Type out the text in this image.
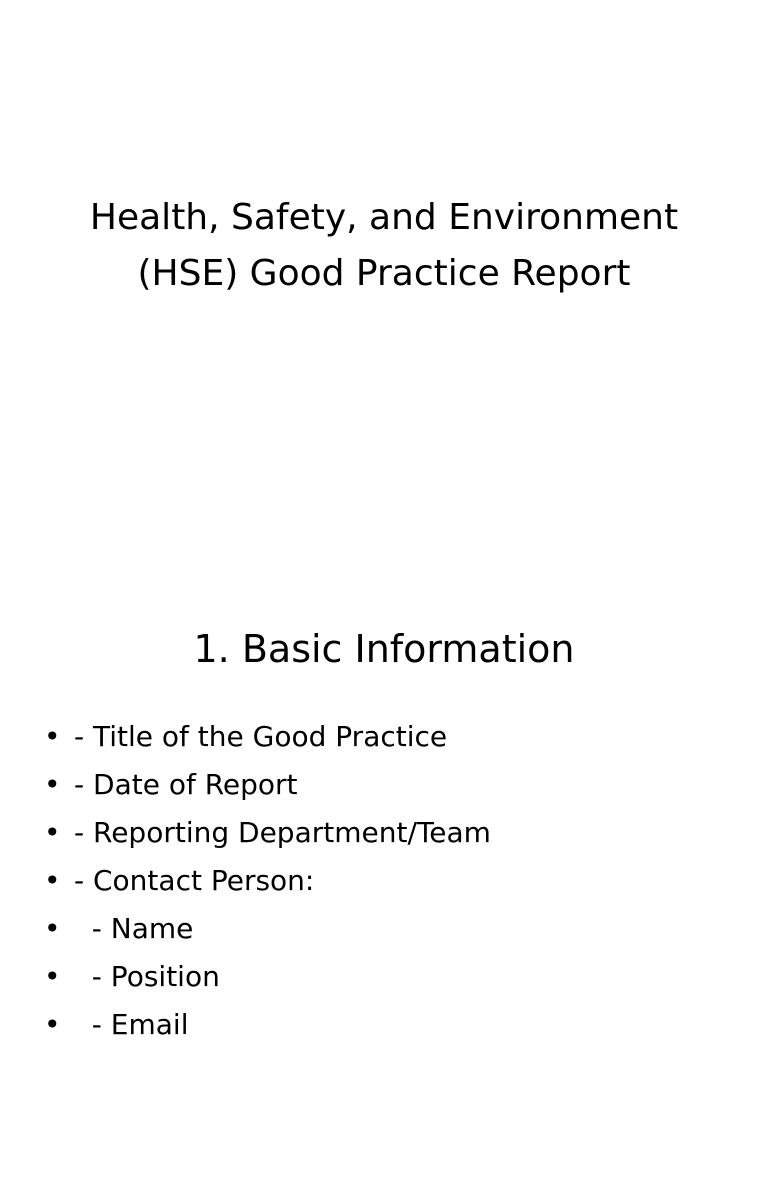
Health, Safety, and Environment
(HSE) Good Practice Report
1. Basic Information

•

- Title of the Good Practice

•

- Date of Report

•

- Reporting Department/Team

•

- Contact Person:

•

- Name

•

- Position

•

- Email
